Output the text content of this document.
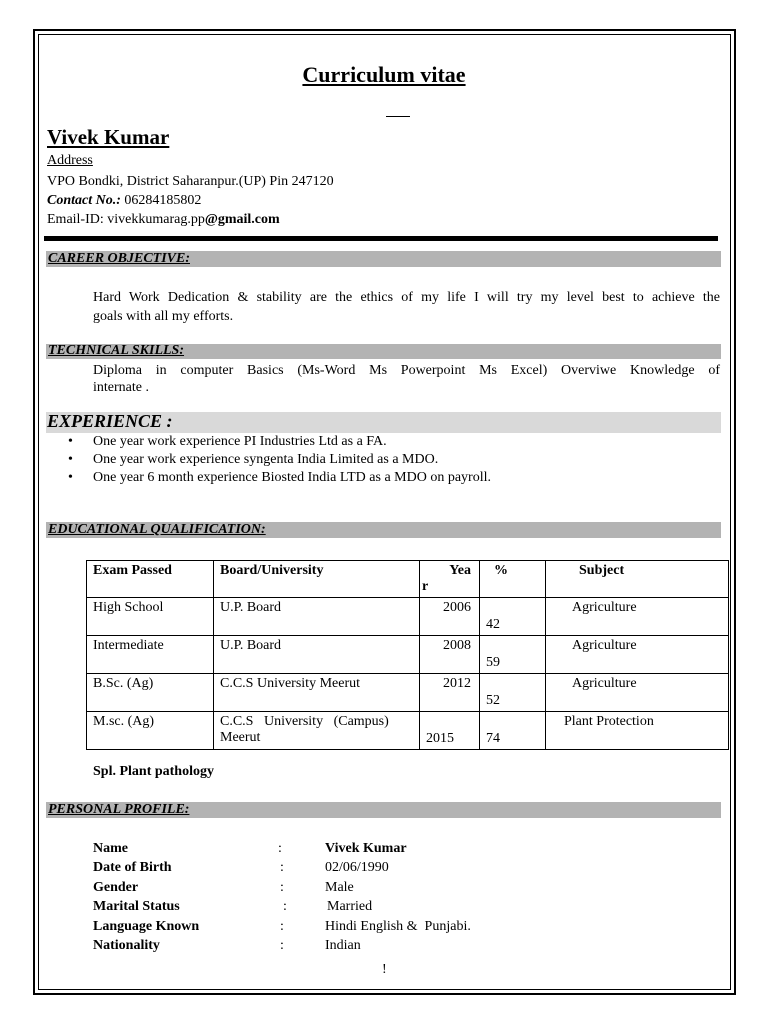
Curriculum vitae
Vivek Kumar
Address
VPO Bondki, District Saharanpur.(UP) Pin 247120
Contact No.: 06284185802
Email-ID: vivekkumarag.pp@gmail.com
CAREER OBJECTIVE:
Hard Work Dedication & stability are the ethics of my life I will try my level best to achieve the
goals with all my efforts.
TECHNICAL SKILLS:
Diploma in computer Basics (Ms-Word Ms Powerpoint Ms Excel) Overviwe Knowledge of
internate .
EXPERIENCE :
•	One year work experience PI Industries Ltd as a FA.
•	One year work experience syngenta India Limited as a MDO.
•	One year 6 month experience Biosted India LTD as a MDO on payroll.
EDUCATIONAL QUALIFICATION:
Exam Passed	Board/University	Yea
r	%	Subject
High School	U.P. Board	2006	42	Agriculture
Intermediate	U.P. Board	2008	59	Agriculture
B.Sc. (Ag)	C.C.S University Meerut	2012	52	Agriculture
M.sc. (Ag)	C.C.S   University   (Campus)
Meerut	2015	74	Plant Protection
Spl. Plant pathology
PERSONAL PROFILE:
Name	:	Vivek Kumar
Date of Birth	:	02/06/1990
Gender	:	Male
Marital Status	:	Married
Language Known	:	Hindi English &  Punjabi.
Nationality	:	Indian
!
